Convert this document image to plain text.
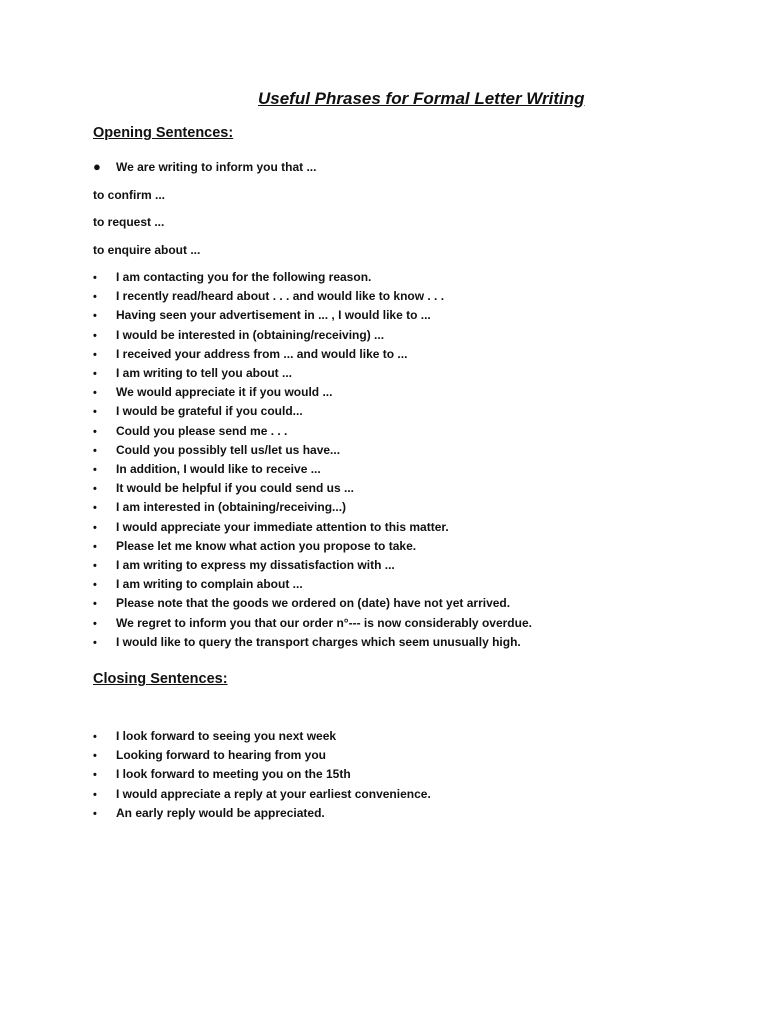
Useful Phrases for Formal Letter Writing
Opening Sentences:
● We are writing to inform you that ...
to confirm ...
to request ...
to enquire about ...
•	I am contacting you for the following reason.
•	I recently read/heard about . . . and would like to know . . .
•	Having seen your advertisement in ... , I would like to ...
•	I would be interested in (obtaining/receiving) ...
•	I received your address from ... and would like to ...
•	I am writing to tell you about ...
•	We would appreciate it if you would ...
•	I would be grateful if you could...
•	Could you please send me . . .
•	Could you possibly tell us/let us have...
•	In addition, I would like to receive ...
•	It would be helpful if you could send us ...
•	I am interested in (obtaining/receiving...)
•	I would appreciate your immediate attention to this matter.
•	Please let me know what action you propose to take.
•	I am writing to express my dissatisfaction with ...
•	I am writing to complain about ...
•	Please note that the goods we ordered on (date) have not yet arrived.
•	We regret to inform you that our order n°--- is now considerably overdue.
•	I would like to query the transport charges which seem unusually high.
Closing Sentences:
•	I look forward to seeing you next week
•	Looking forward to hearing from you
•	I look forward to meeting you on the 15th
•	I would appreciate a reply at your earliest convenience.
•	An early reply would be appreciated.
